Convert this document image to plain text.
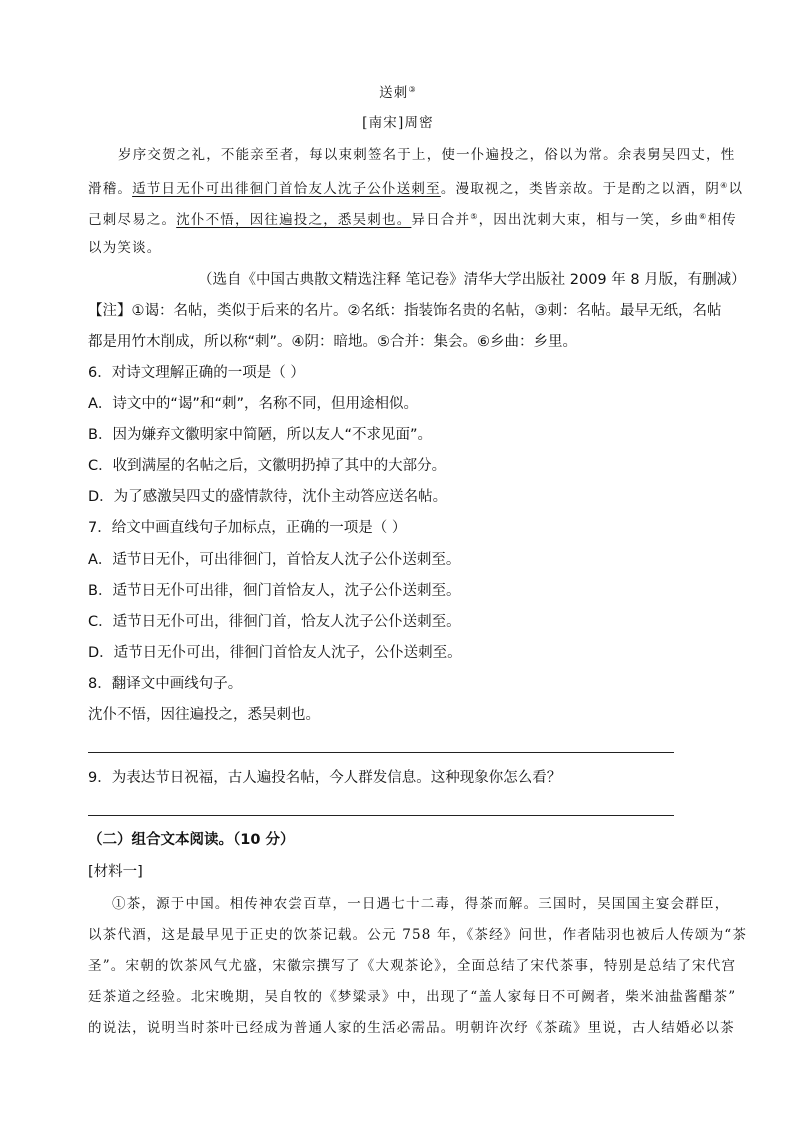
送刺③
[南宋]周密
岁序交贺之礼，不能亲至者，每以束刺签名于上，使一仆遍投之，俗以为常。余表舅吴四丈，性
滑稽。适节日无仆可出徘徊门首恰友人沈子公仆送刺至。漫取视之，类皆亲故。于是酌之以酒，阴④以
己刺尽易之。沈仆不悟，因往遍投之，悉吴刺也。异日合并⑤，因出沈刺大束，相与一笑，乡曲⑥相传
以为笑谈。
（选自《中国古典散文精选注释 笔记卷》清华大学出版社 2009 年 8 月版，有删减）
【注】①谒：名帖，类似于后来的名片。②名纸：指装饰名贵的名帖，③刺：名帖。最早无纸，名帖
都是用竹木削成，所以称“刺”。④阴：暗地。⑤合并：集会。⑥乡曲：乡里。
6．对诗文理解正确的一项是（ ）
A．诗文中的“谒”和“刺”，名称不同，但用途相似。
B．因为嫌弃文徽明家中简陋，所以友人“不求见面”。
C．收到满屋的名帖之后，文徽明扔掉了其中的大部分。
D．为了感激吴四丈的盛情款待，沈仆主动答应送名帖。
7．给文中画直线句子加标点，正确的一项是（ ）
A．适节日无仆，可出徘徊门，首恰友人沈子公仆送刺至。
B．适节日无仆可出徘，徊门首恰友人，沈子公仆送刺至。
C．适节日无仆可出，徘徊门首，恰友人沈子公仆送刺至。
D．适节日无仆可出，徘徊门首恰友人沈子，公仆送刺至。
8．翻译文中画线句子。
沈仆不悟，因往遍投之，悉吴刺也。
9．为表达节日祝福，古人遍投名帖，今人群发信息。这种现象你怎么看？
（二）组合文本阅读。（10 分）
[材料一]
①茶，源于中国。相传神农尝百草，一日遇七十二毒，得茶而解。三国时，吴国国主宴会群臣，
以茶代酒，这是最早见于正史的饮茶记载。公元 758 年，《茶经》问世，作者陆羽也被后人传颂为“茶
圣”。宋朝的饮茶风气尤盛，宋徽宗撰写了《大观茶论》，全面总结了宋代茶事，特别是总结了宋代宫
廷茶道之经验。北宋晚期，吴自牧的《梦粱录》中，出现了“盖人家每日不可阙者，柴米油盐酱醋茶”
的说法，说明当时茶叶已经成为普通人家的生活必需品。明朝许次纾《茶疏》里说，古人结婚必以茶
